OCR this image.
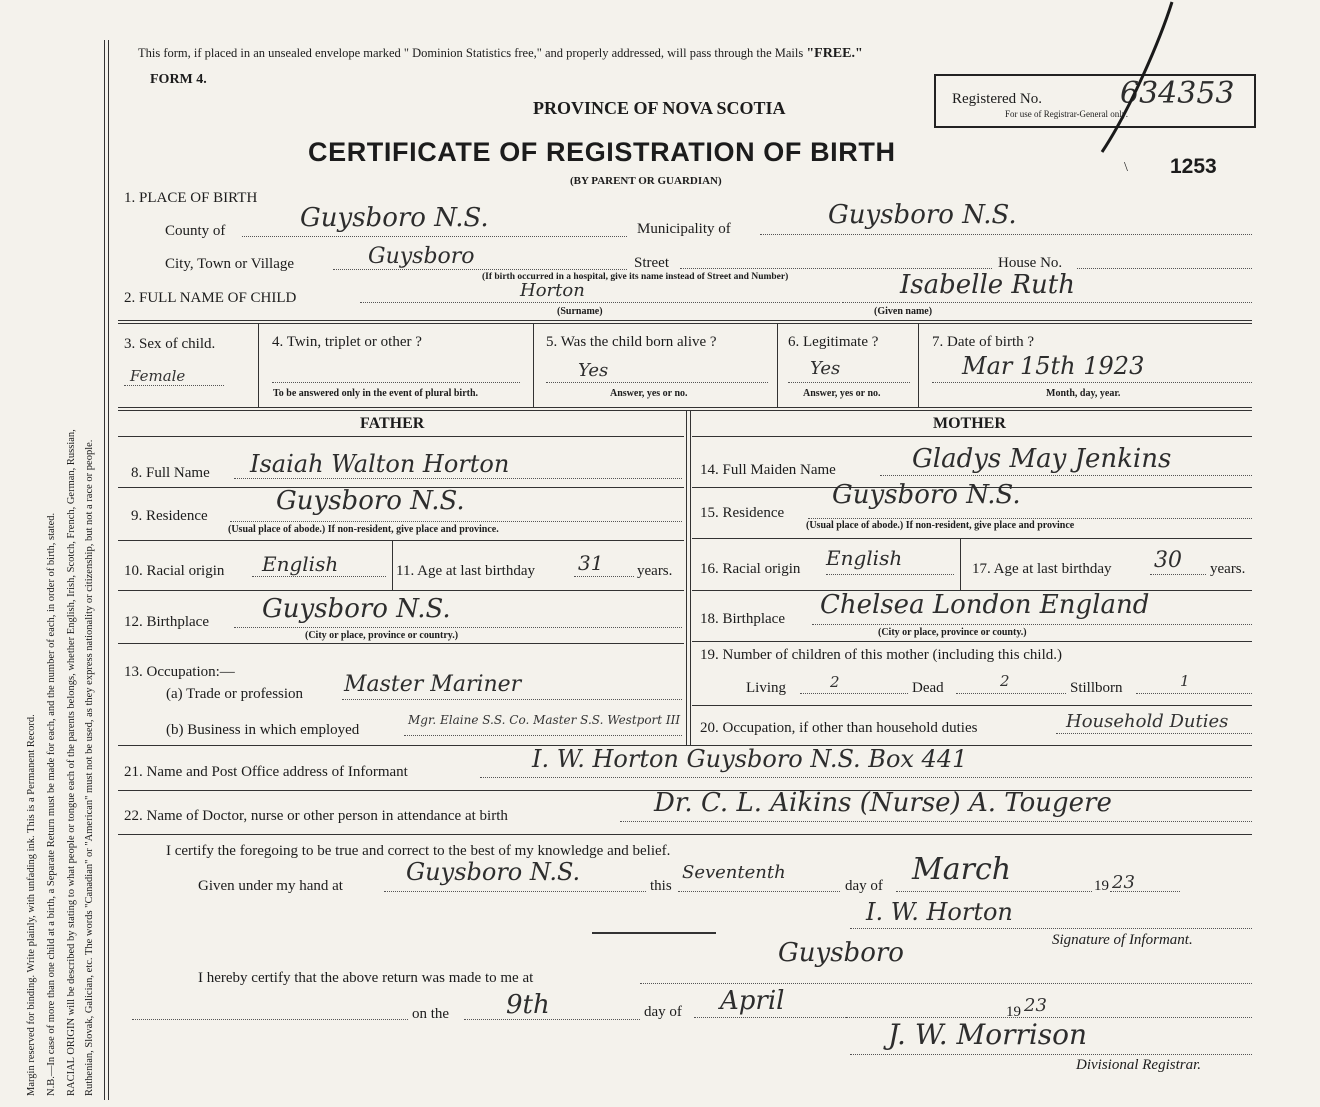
Margin reserved for binding. Write plainly, with unfading ink. This is a Permanent Record. N.B.—In case of more than one child at a birth, a Separate Return must be made for each, and the number of each, in order of birth, stated. RACIAL ORIGIN will be described by stating to what people or tongue each of the parents belongs, whether English, Irish, Scotch, French, German, Russian, Ruthenian, Slovak, Galician, etc. The words "Canadian" or "American" must not be used, as they express nationality or citizenship, but not a race or people.
This form, if placed in an unsealed envelope marked " Dominion Statistics free," and properly addressed, will pass through the Mails "FREE."
FORM 4.
PROVINCE OF NOVA SCOTIA
CERTIFICATE OF REGISTRATION OF BIRTH
(BY PARENT OR GUARDIAN)
Registered No.	634353
For use of Registrar-General only.
1253
\
1. PLACE OF BIRTH
County of	Guysboro N.S.	Municipality of	Guysboro N.S.
City, Town or Village	Guysboro	Street	House No.
(If birth occurred in a hospital, give its name instead of Street and Number)
2. FULL NAME OF CHILD	Horton
(Surname)
Isabelle Ruth
(Given name)
3. Sex of child.
Female
4. Twin, triplet or other ?
To be answered only in the event of plural birth.
5. Was the child born alive ?
Yes
Answer, yes or no.
6. Legitimate ?
Yes
Answer, yes or no.
7. Date of birth ?
Mar 15th 1923
Month, day, year.
FATHER	MOTHER
8. Full Name Isaiah Walton Horton
9. Residence	Guysboro N.S.
(Usual place of abode.) If non-resident, give place and province.
10. Racial origin English	11. Age at last birthday 31 years.
12. Birthplace Guysboro N.S.
(City or place, province or country.)
13. Occupation:—
(a) Trade or profession Master Mariner
(b) Business in which employed
Mgr. Elaine S.S. Co. Master S.S. Westport III
14. Full Maiden Name	Gladys May Jenkins
15. Residence
Guysboro N.S.
(Usual place of abode.) If non-resident, give place and province
16. Racial origin English	17. Age at last birthday 30 years.
18. Birthplace Chelsea London England
(City or place, province or county.)
19. Number of children of this mother (including this child.)
Living	2	Dead	2	Stillborn	1
20. Occupation, if other than household duties	Household Duties
21. Name and Post Office address of Informant	I. W. Horton Guysboro N.S. Box 441
22. Name of Doctor, nurse or other person in attendance at birth	Dr. C. L. Aikins (Nurse) A. Tougere
I certify the foregoing to be true and correct to the best of my knowledge and belief.
Given under my hand at	Guysboro N.S.	this
Sevententh
day of March	19 23
I. W. Horton
Signature of Informant.
I hereby certify that the above return was made to me at
Guysboro
on the 9th	day of April	19 23
J. W. Morrison
Divisional Registrar.
